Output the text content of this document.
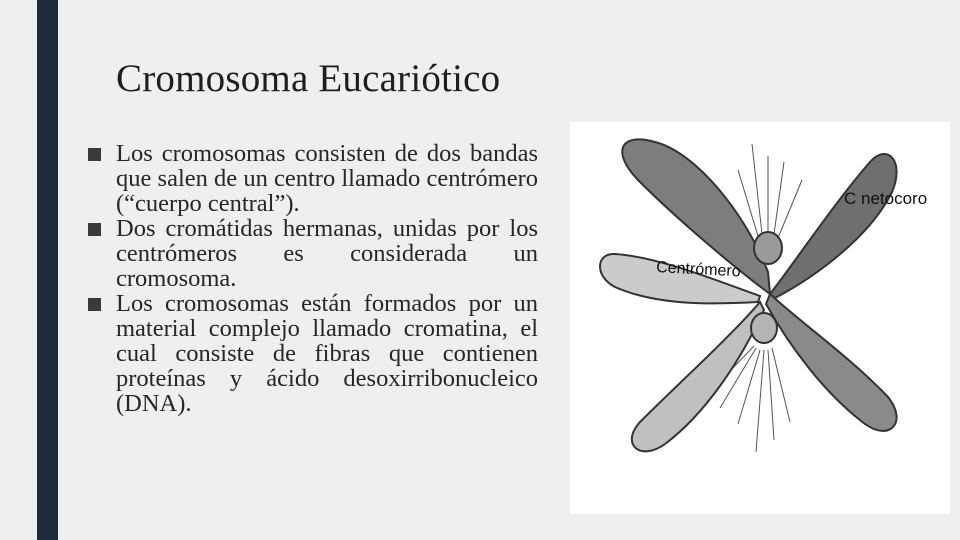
Cromosoma Eucariótico
Los cromosomas consisten de dos bandas que salen de un centro llamado centrómero (“cuerpo central”).
Dos cromátidas hermanas, unidas por los centrómeros es considerada un cromosoma.
Los cromosomas están formados por un material complejo llamado cromatina, el cual consiste de fibras que contienen proteínas y ácido desoxirribonucleico (DNA).
C netocoro
Centrómero
